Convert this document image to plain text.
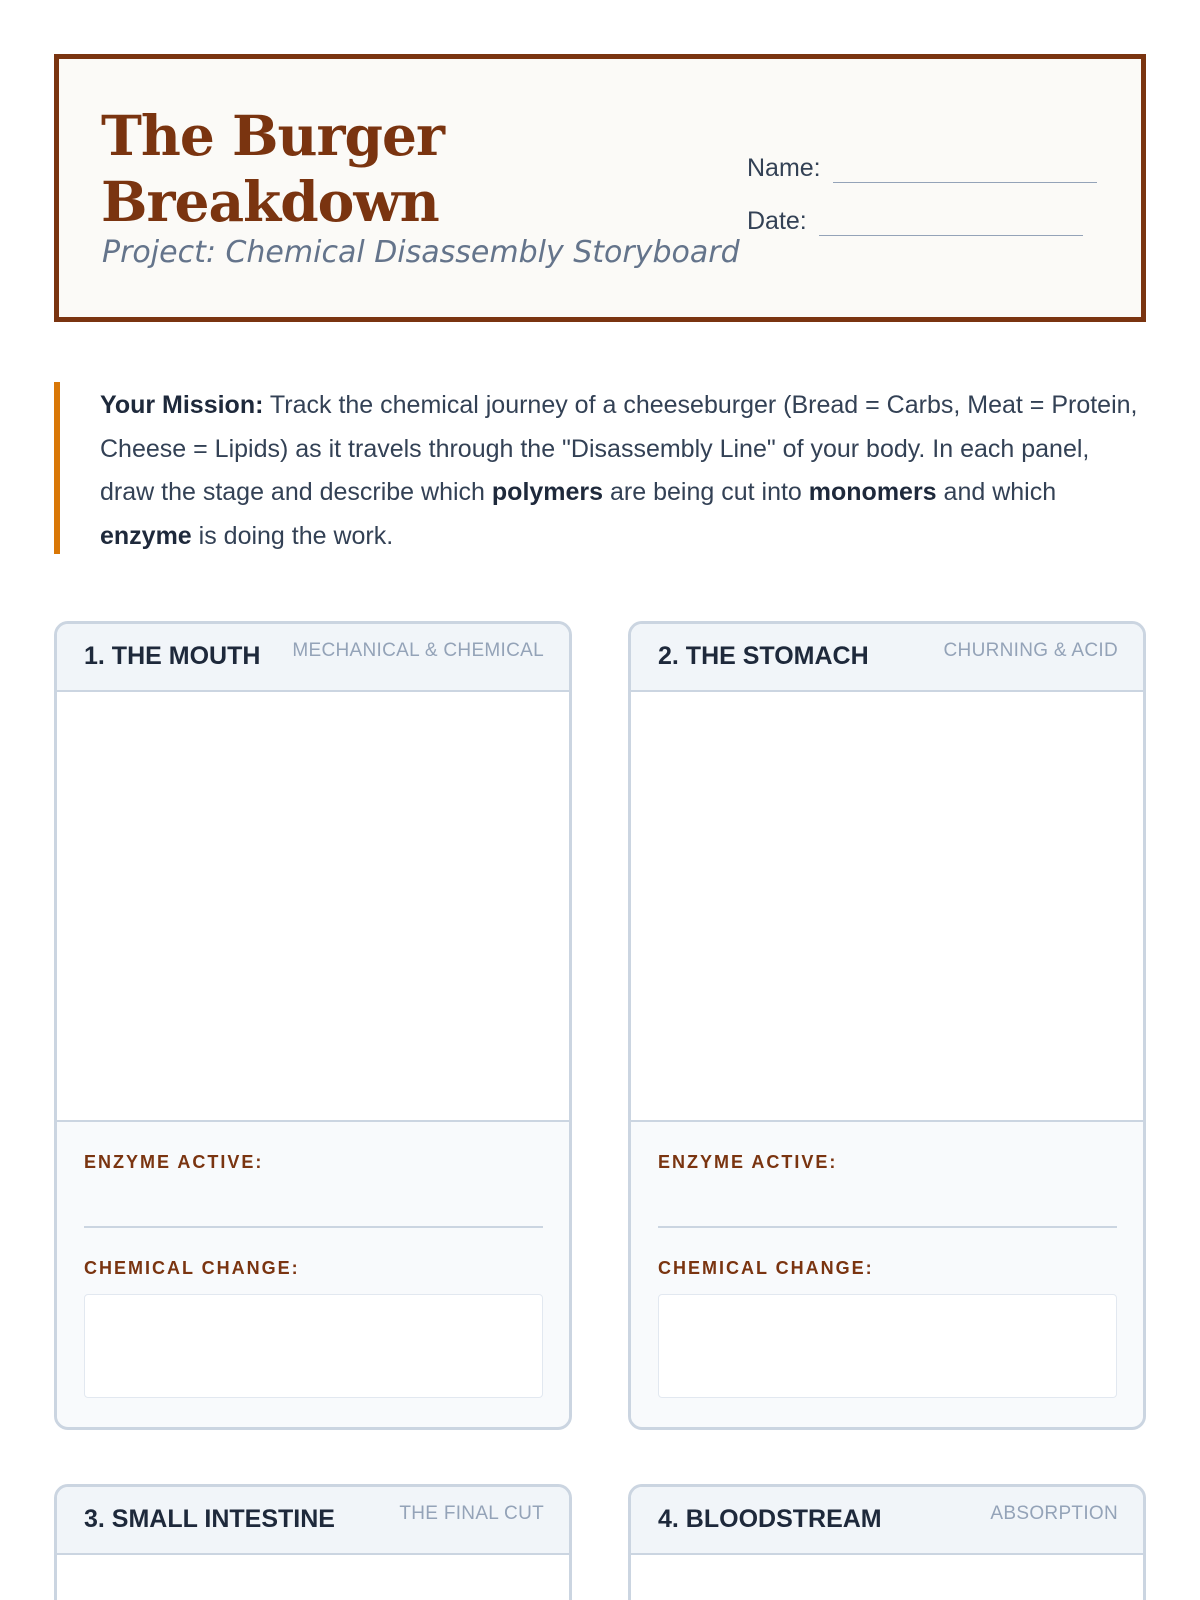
The Burger Breakdown
Project: Chemical Disassembly Storyboard
Name:
Date:
Your Mission: Track the chemical journey of a cheeseburger (Bread = Carbs, Meat = Protein, Cheese = Lipids) as it travels through the "Disassembly Line" of your body. In each panel, draw the stage and describe which polymers are being cut into monomers and which enzyme is doing the work.
1. THE MOUTH MECHANICAL & CHEMICAL
ENZYME ACTIVE:
CHEMICAL CHANGE:
2. THE STOMACH	CHURNING & ACID
ENZYME ACTIVE:
CHEMICAL CHANGE:
3. SMALL INTESTINE	THE FINAL CUT	4. BLOODSTREAM	ABSORPTION
